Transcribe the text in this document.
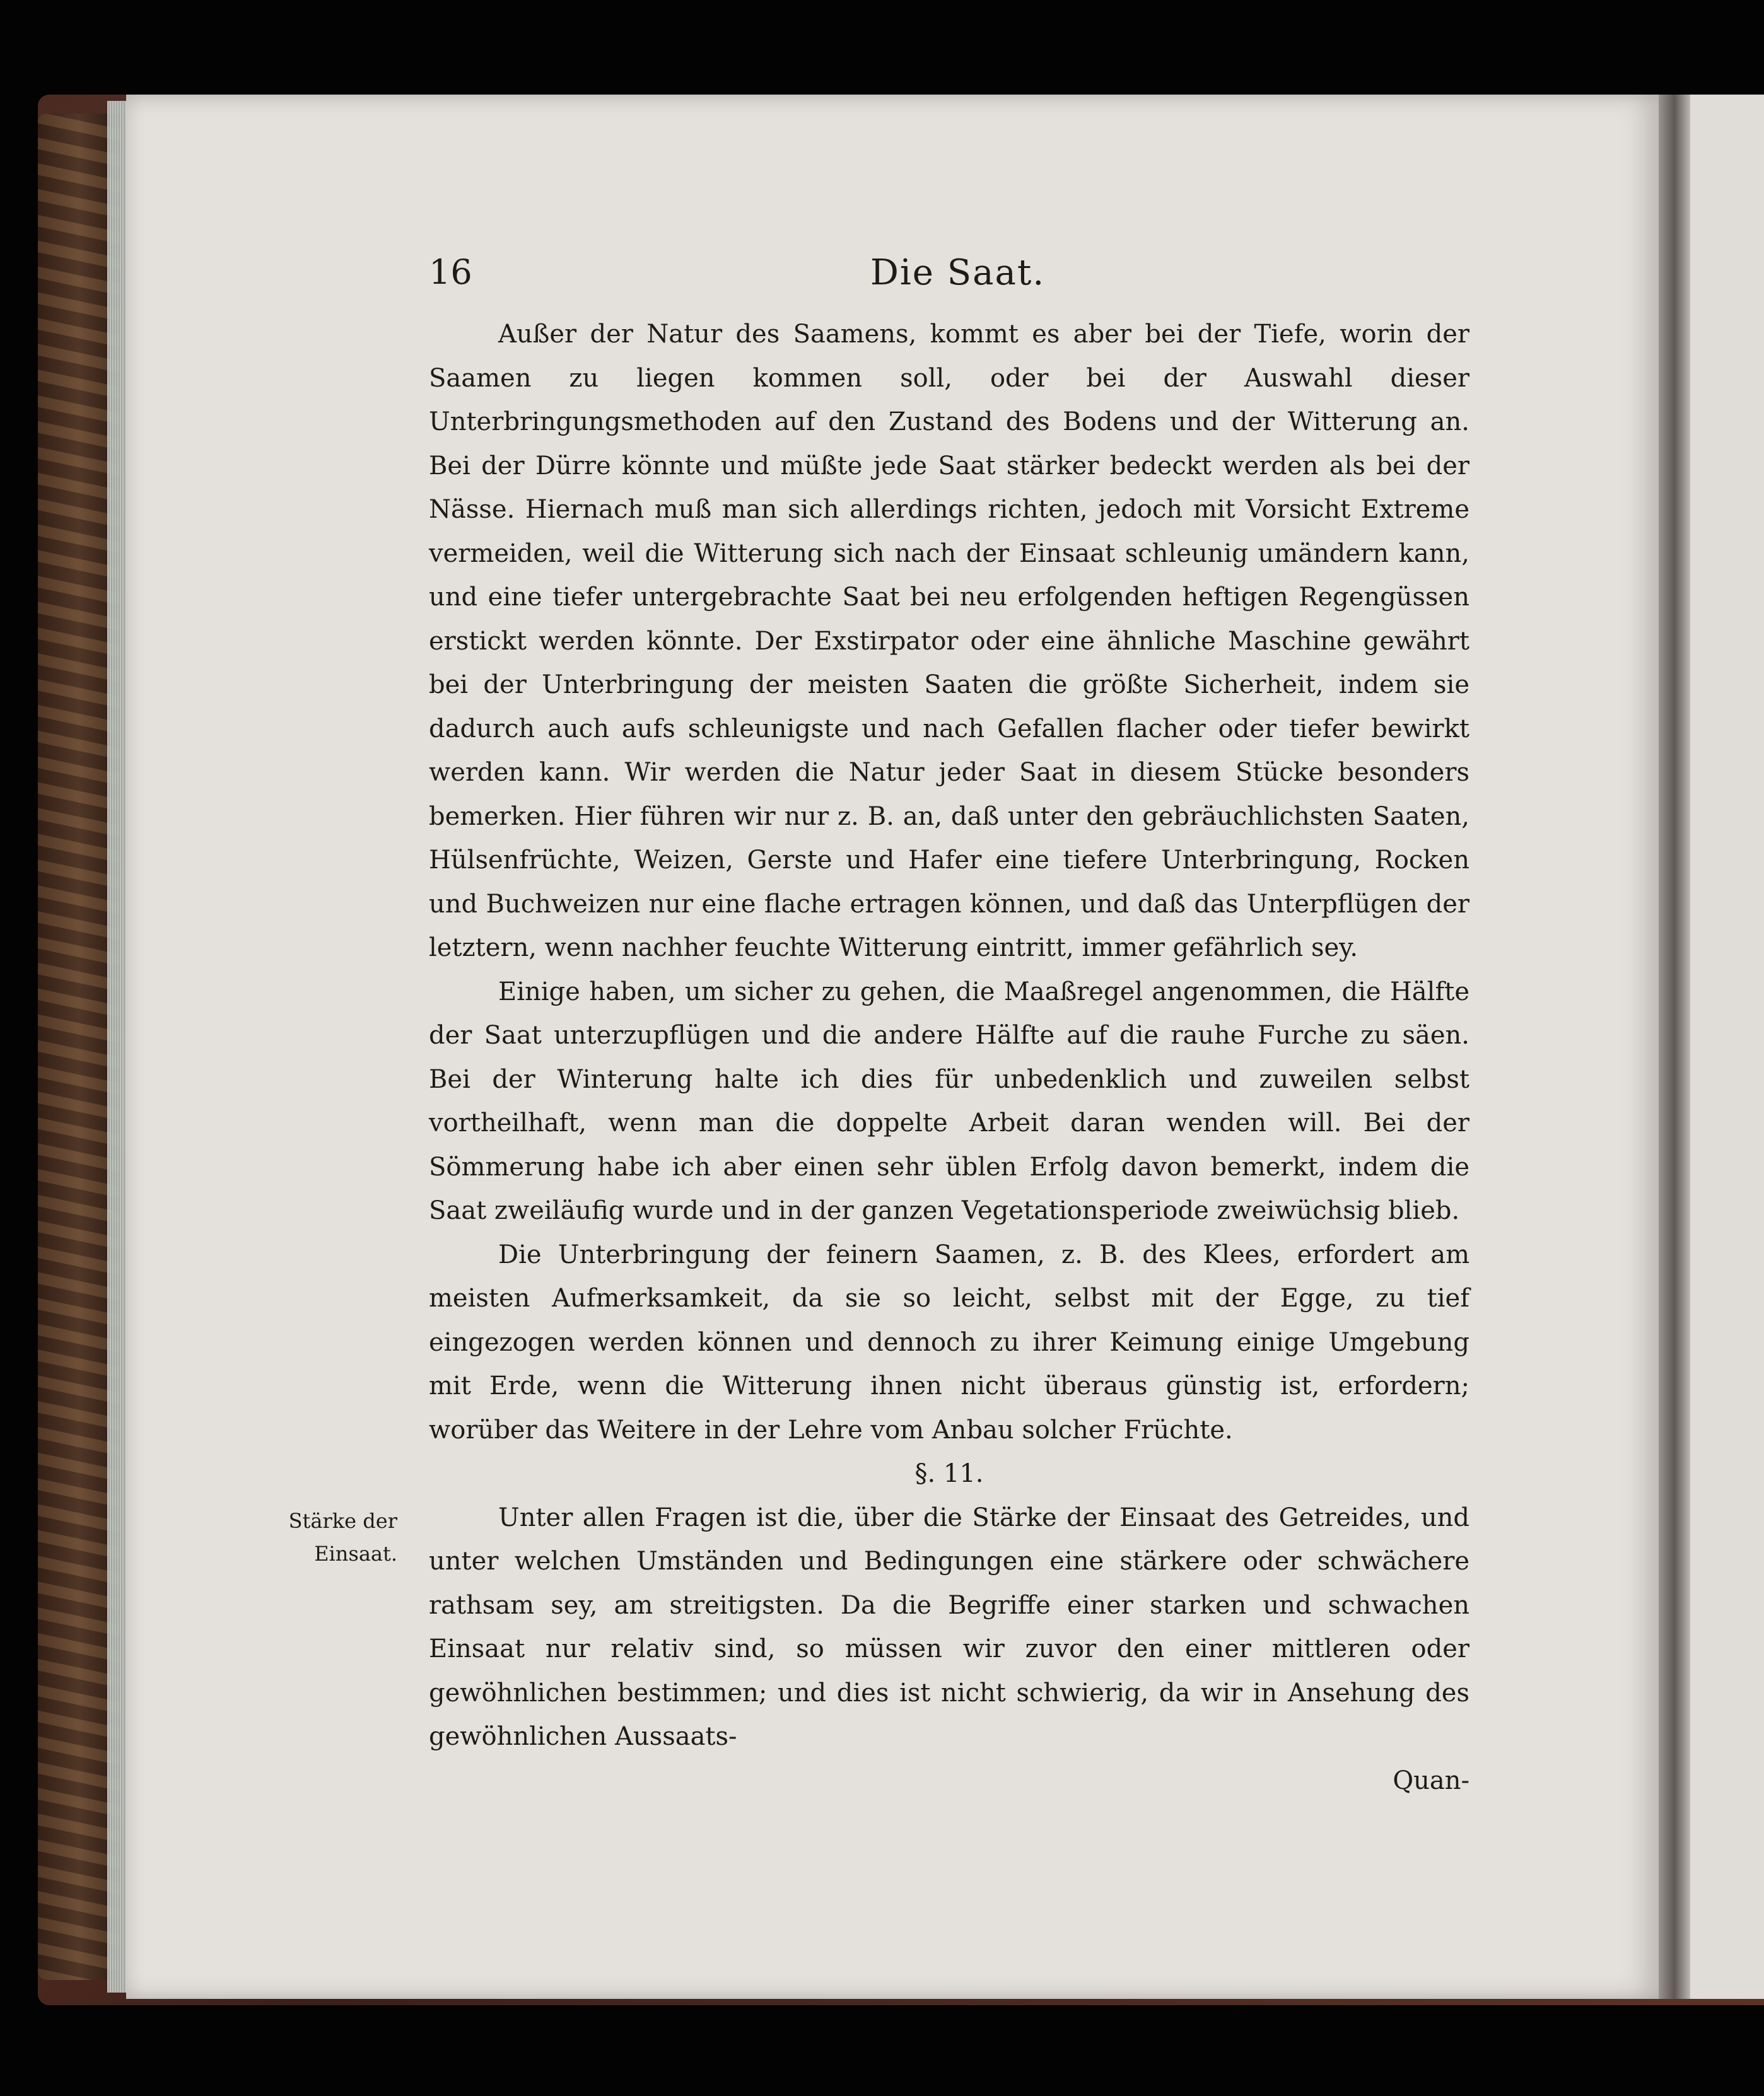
16	Die Saat.
Stärke der Einsaat.

Außer der Natur des Saamens, kommt es aber bei der Tiefe, worin der Saamen zu liegen kommen soll, oder bei der Auswahl dieser Unterbringungsmethoden auf den Zustand des Bodens und der Witterung an. Bei der Dürre könnte und müßte jede Saat stärker bedeckt werden als bei der Nässe. Hiernach muß man sich allerdings richten, jedoch mit Vorsicht Extreme vermeiden, weil die Witterung sich nach der Einsaat schleunig umändern kann, und eine tiefer untergebrachte Saat bei neu erfolgenden heftigen Regengüssen erstickt werden könnte. Der Exstirpator oder eine ähnliche Maschine gewährt bei der Unterbringung der meisten Saaten die größte Sicherheit, indem sie dadurch auch aufs schleunigste und nach Gefallen flacher oder tiefer bewirkt werden kann. Wir werden die Natur jeder Saat in diesem Stücke besonders bemerken. Hier führen wir nur z. B. an, daß unter den gebräuchlichsten Saaten, Hülsenfrüchte, Weizen, Gerste und Hafer eine tiefere Unterbringung, Rocken und Buchweizen nur eine flache ertragen können, und daß das Unterpflügen der letztern, wenn nachher feuchte Witterung eintritt, immer gefährlich sey.

Einige haben, um sicher zu gehen, die Maaßregel angenommen, die Hälfte der Saat unterzupflügen und die andere Hälfte auf die rauhe Furche zu säen. Bei der Winterung halte ich dies für unbedenklich und zuweilen selbst vortheilhaft, wenn man die doppelte Arbeit daran wenden will. Bei der Sömmerung habe ich aber einen sehr üblen Erfolg davon bemerkt, indem die Saat zweiläufig wurde und in der ganzen Vegetationsperiode zweiwüchsig blieb.

Die Unterbringung der feinern Saamen, z. B. des Klees, erfordert am meisten Aufmerksamkeit, da sie so leicht, selbst mit der Egge, zu tief eingezogen werden können und dennoch zu ihrer Keimung einige Umgebung mit Erde, wenn die Witterung ihnen nicht überaus günstig ist, erfordern; worüber das Weitere in der Lehre vom Anbau solcher Früchte.

§. 11.

Unter allen Fragen ist die, über die Stärke der Einsaat des Getreides, und unter welchen Umständen und Bedingungen eine stärkere oder schwächere rathsam sey, am streitigsten. Da die Begriffe einer starken und schwachen Einsaat nur relativ sind, so müssen wir zuvor den einer mittleren oder gewöhnlichen bestimmen; und dies ist nicht schwierig, da wir in Ansehung des gewöhnlichen Aussaats-

Quan-
